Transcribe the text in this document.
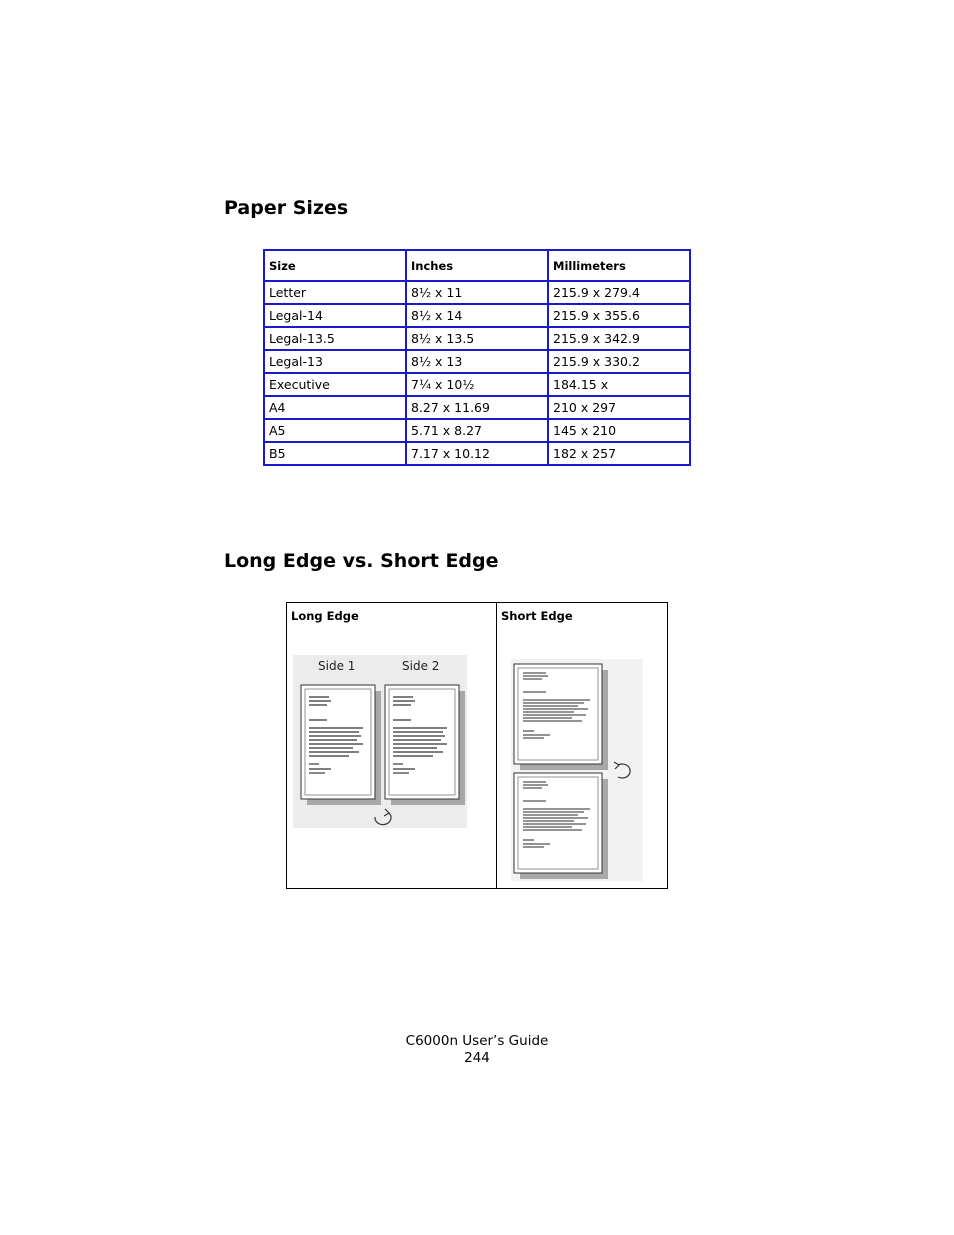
Paper Sizes
Size	Inches	Millimeters
Letter	8½ x 11	215.9 x 279.4
Legal-14	8½ x 14	215.9 x 355.6
Legal-13.5	8½ x 13.5	215.9 x 342.9
Legal-13	8½ x 13	215.9 x 330.2
Executive	7¼ x 10½	184.15 x
A4	8.27 x 11.69	210 x 297
A5	5.71 x 8.27	145 x 210
B5	7.17 x 10.12	182 x 257
Long Edge vs. Short Edge
Long Edge
Side 1	Side 2
Short Edge
C6000n User’s Guide
244
